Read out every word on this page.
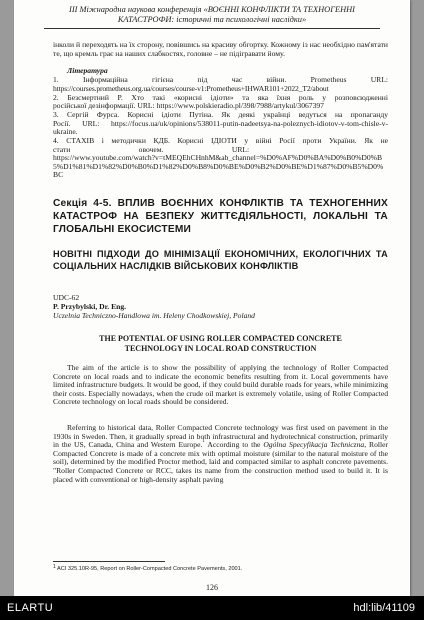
III Міжнародна наукова конференція «ВОЄННІ КОНФЛІКТИ ТА ТЕХНОГЕННІ
КАТАСТРОФИ: історичні та психологічні наслідки»
інколи й переходять на їх сторону, повівшись на красиву обгортку. Кожному із нас необхідно пам'ятати те, що кремль грає на наших слабкостях, головне – не підігравати йому.
Література
1. Інформаційна гігієна під час війни. Prometheus URL:
https://courses.prometheus.org.ua/courses/course-v1:Prometheus+IHWAR101+2022_T2/about
2. Безсмертний Р. Хто такі «корисні ідіоти» та яка їхня роль у розповсюдженні
російської дезінформації. URL: https://www.polskieradio.pl/398/7988/artykul/3067397
3. Сергій Фурса. Корисні ідіоти Путіна. Як деякі українці ведуться на пропаганду
Росії. URL: https://focus.ua/uk/opinions/538011-putin-nadeetsya-na-poleznych-idiotov-v-tom-chisle-v-ukraine.
4. СТАХІВ і методички КДБ. Корисні ІДІОТИ у війні Росії проти України. Як не
стати                                    овочем.                                    URL:
https://www.youtube.com/watch?v=tMEQEhCHnhM&ab_channel=%D0%AF%D0%BA%D0%B0%D0%B5%D1%81%D1%82%D0%B0%D1%82%D0%B8%D0%BE%D0%B2%D0%BE%D1%87%D0%B5%D0%BC
Секція 4-5. ВПЛИВ ВОЄННИХ КОНФЛІКТІВ ТА ТЕХНОГЕННИХ КАТАСТРОФ НА БЕЗПЕКУ ЖИТТЄДІЯЛЬНОСТІ, ЛОКАЛЬНІ ТА ГЛОБАЛЬНІ ЕКОСИСТЕМИ
НОВІТНІ ПІДХОДИ ДО МІНІМІЗАЦІЇ ЕКОНОМІЧНИХ, ЕКОЛОГІЧНИХ ТА СОЦІАЛЬНИХ НАСЛІДКІВ ВІЙСЬКОВИХ КОНФЛІКТІВ
UDC-62
P. Przybylski, Dr. Eng.
Uczelnia Techniczno-Handlowa im. Heleny Chodkowskiej, Poland
THE POTENTIAL OF USING ROLLER COMPACTED CONCRETE
TECHNOLOGY IN LOCAL ROAD CONSTRUCTION
The aim of the article is to show the possibility of applying the technology of Roller Compacted Concrete on local roads and to indicate the economic benefits resulting from it. Local governments have limited infrastructure budgets. It would be good, if they could build durable roads for years, while minimizing their costs. Especially nowadays, when the crude oil market is extremely volatile, using of Roller Compacted Concrete technology on local roads should be considered.
Referring to historical data, Roller Compacted Concrete technology was first used on pavement in the 1930s in Sweden. Then, it gradually spread in both infrastructural and hydrotechnical construction, primarily in the US, Canada, China and Western Europe.$^1$ According to the Ogólna Specyfikacja Techniczna, Roller Compacted Concrete is made of a concrete mix with optimal moisture (similar to the natural moisture of the soil), determined by the modified Proctor method, laid and compacted similar to asphalt concrete pavements. "Roller Compacted Concrete or RCC, takes its name from the construction method used to build it. It is placed with conventional or high-density asphalt paving
$^1$ ACI 325.10R-95, Report on Roller-Compacted Concrete Pavements, 2001.
126
ELARTU	hdl:lib/41109
